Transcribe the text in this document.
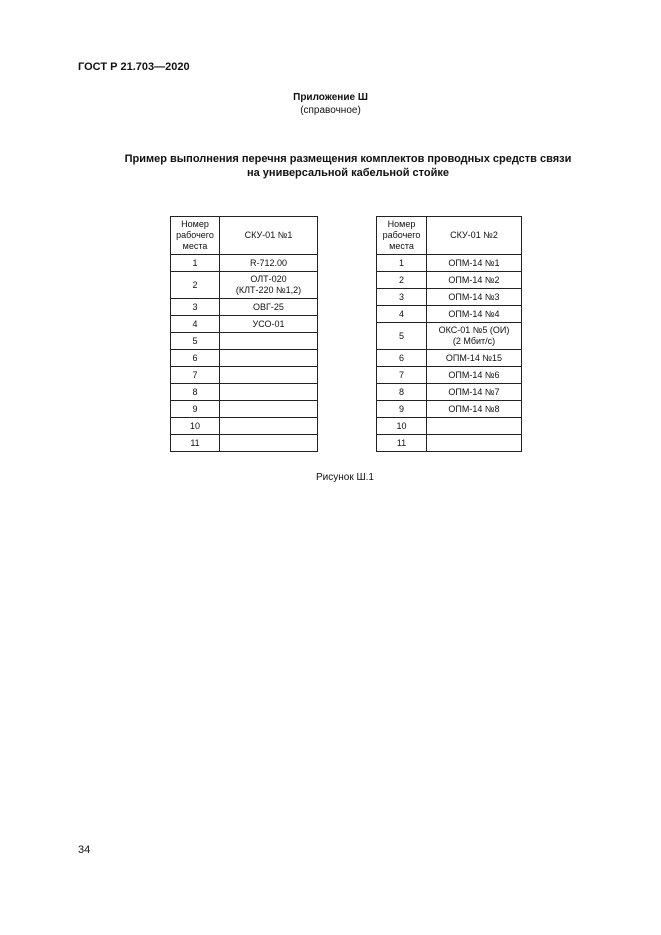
ГОСТ Р 21.703—2020
Приложение Ш
(справочное)
Пример выполнения перечня размещения комплектов проводных средств связи
на универсальной кабельной стойке
Номер
рабочего
места	СКУ-01 №1
1	R-712.00

2	ОЛТ-020
(КЛТ-220 №1,2)

3	ОВГ-25

4	УСО-01

5	
6	
7	
8	
9	
10	
11	
Номер
рабочего
места	СКУ-01 №2
1	ОПМ-14 №1

2	ОПМ-14 №2

3	ОПМ-14 №3

4	ОПМ-14 №4

5	ОКС-01 №5 (ОИ)
(2 Мбит/с)

6	ОПМ-14 №15

7	ОПМ-14 №6

8	ОПМ-14 №7

9	ОПМ-14 №8

10	
11	
Рисунок Ш.1
34
